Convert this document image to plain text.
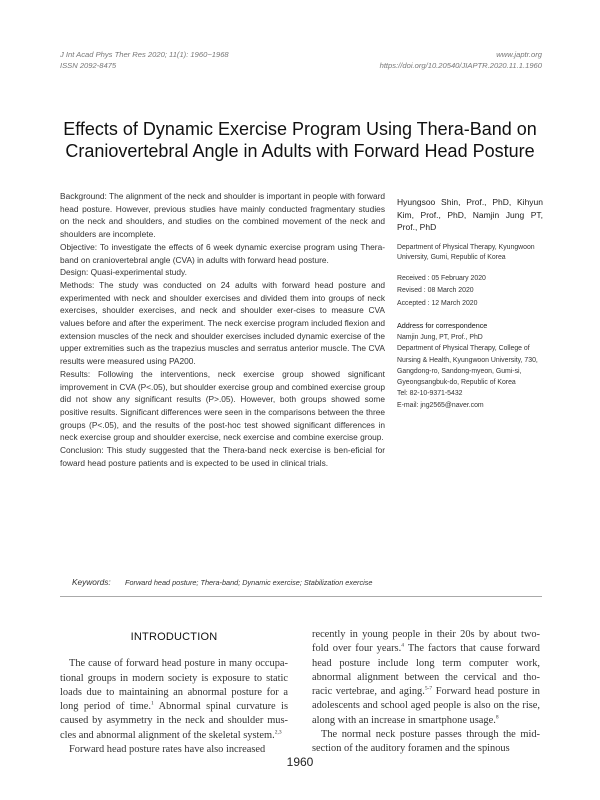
J Int Acad Phys Ther Res 2020; 11(1): 1960~1968
ISSN 2092-8475
www.japtr.org
https://doi.org/10.20540/JIAPTR.2020.11.1.1960
Effects of Dynamic Exercise Program Using Thera-Band on
Craniovertebral Angle in Adults with Forward Head Posture

Background: The alignment of the neck and shoulder is important in people with forward head posture. However, previous studies have mainly conducted fragmentary studies on the neck and shoulders, and studies on the combined movement of the neck and shoulders are incomplete.

Objective: To investigate the effects of 6 week dynamic exercise program using Thera-band on craniovertebral angle (CVA) in adults with forward head posture.

Design: Quasi-experimental study.

Methods: The study was conducted on 24 adults with forward head posture and experimented with neck and shoulder exercises and divided them into groups of neck exercises, shoulder exercises, and neck and shoulder exer-cises to measure CVA values before and after the experiment. The neck exercise program included flexion and extension muscles of the neck and shoulder exercises included dynamic exercise of the upper extremities such as the trapezius muscles and serratus anterior muscle. The CVA results were measured using PA200.

Results: Following the interventions, neck exercise group showed significant improvement in CVA (P<.05), but shoulder exercise group and combined exercise group did not show any significant results (P>.05). However, both groups showed some positive results. Significant differences were seen in the comparisons between the three groups (P<.05), and the results of the post-hoc test showed significant differences in neck exercise group and shoulder exercise, neck exercise and combine exercise group.

Conclusion: This study suggested that the Thera-band neck exercise is ben-eficial for foward head posture patients and is expected to be used in clinical trials.

Hyungsoo Shin, Prof., PhD, Kihyun Kim, Prof., PhD, Namjin Jung PT, Prof., PhD

Department of Physical Therapy, Kyungwoon University, Gumi, Republic of Korea

Received : 05 February 2020
Revised : 08 March 2020
Accepted : 12 March 2020
Address for correspondence
Namjin Jung, PT, Prof., PhD
Department of Physical Therapy, College of Nursing & Health, Kyungwoon University, 730, Gangdong-ro, Sandong-myeon, Gumi-si, Gyeongsangbuk-do, Republic of Korea
Tel: 82-10-9371-5432
E-mail: jng2565@naver.com
Keywords: Forward head posture; Thera-band; Dynamic exercise; Stabilization exercise
INTRODUCTION

The cause of forward head posture in many occupa-tional groups in modern society is exposure to static loads due to maintaining an abnormal posture for a long period of time.$^1$ Abnormal spinal curvature is caused by asymmetry in the neck and shoulder mus-cles and abnormal alignment of the skeletal system.$^{2,3}$

Forward head posture rates have also increased

recently in young people in their 20s by about two-fold over four years.$^4$ The factors that cause forward head posture include long term computer work, abnormal alignment between the cervical and tho-racic vertebrae, and aging.$^{5-7}$ Forward head posture in adolescents and school aged people is also on the rise, along with an increase in smartphone usage.$^8$

The normal neck posture passes through the mid-section of the auditory foramen and the spinous

1960
